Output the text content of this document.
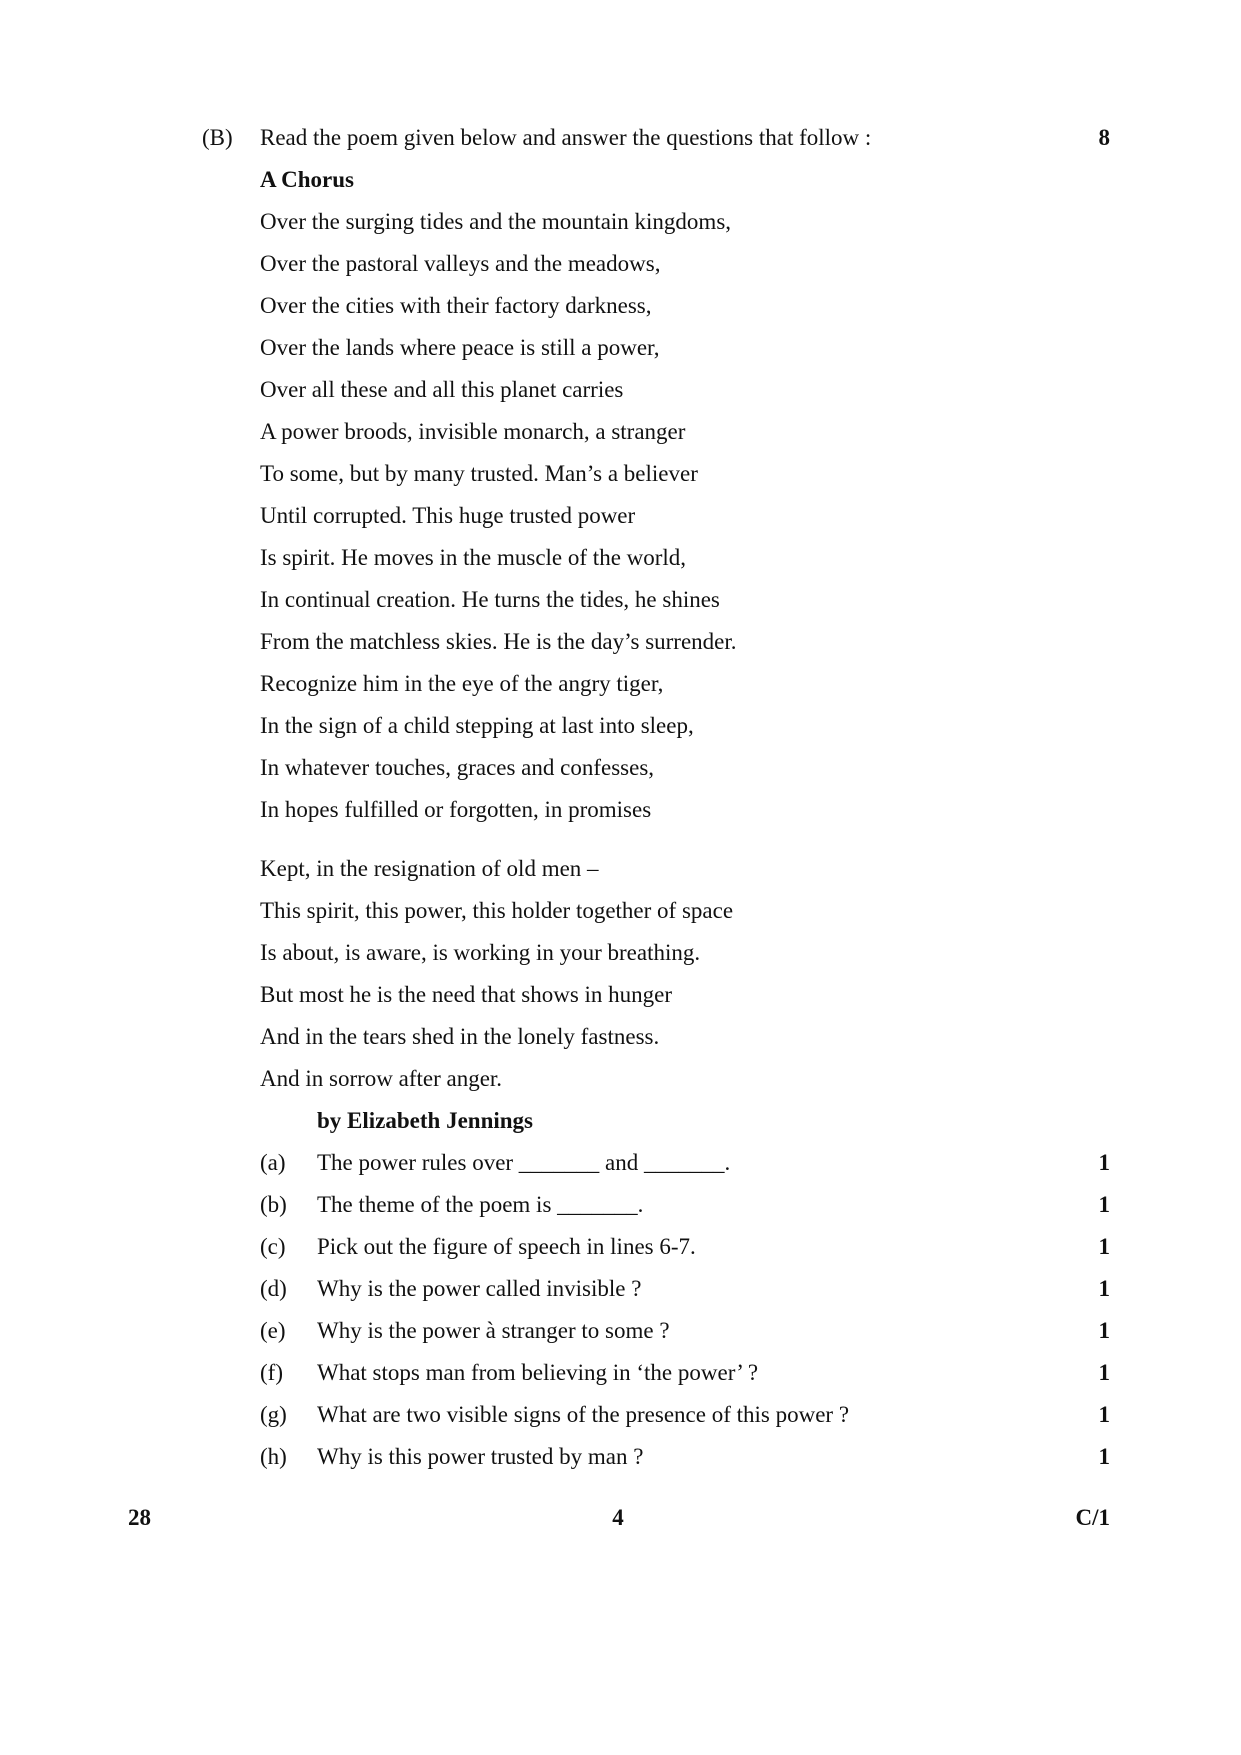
(B) Read the poem given below and answer the questions that follow :	8
A Chorus
Over the surging tides and the mountain kingdoms,
Over the pastoral valleys and the meadows,
Over the cities with their factory darkness,
Over the lands where peace is still a power,
Over all these and all this planet carries
A power broods, invisible monarch, a stranger
To some, but by many trusted. Man’s a believer
Until corrupted. This huge trusted power
Is spirit. He moves in the muscle of the world,
In continual creation. He turns the tides, he shines
From the matchless skies. He is the day’s surrender.
Recognize him in the eye of the angry tiger,
In the sign of a child stepping at last into sleep,
In whatever touches, graces and confesses,
In hopes fulfilled or forgotten, in promises
Kept, in the resignation of old men –
This spirit, this power, this holder together of space
Is about, is aware, is working in your breathing.
But most he is the need that shows in hunger
And in the tears shed in the lonely fastness.
And in sorrow after anger.
by Elizabeth Jennings
(a) The power rules over _______ and _______.	1
(b) The theme of the poem is _______.	1
(c) Pick out the figure of speech in lines 6-7.	1
(d) Why is the power called invisible ?	1
(e) Why is the power à stranger to some ?	1
(f) What stops man from believing in ‘the power’ ?	1
(g) What are two visible signs of the presence of this power ?	1
(h) Why is this power trusted by man ?	1
28	4	C/1
